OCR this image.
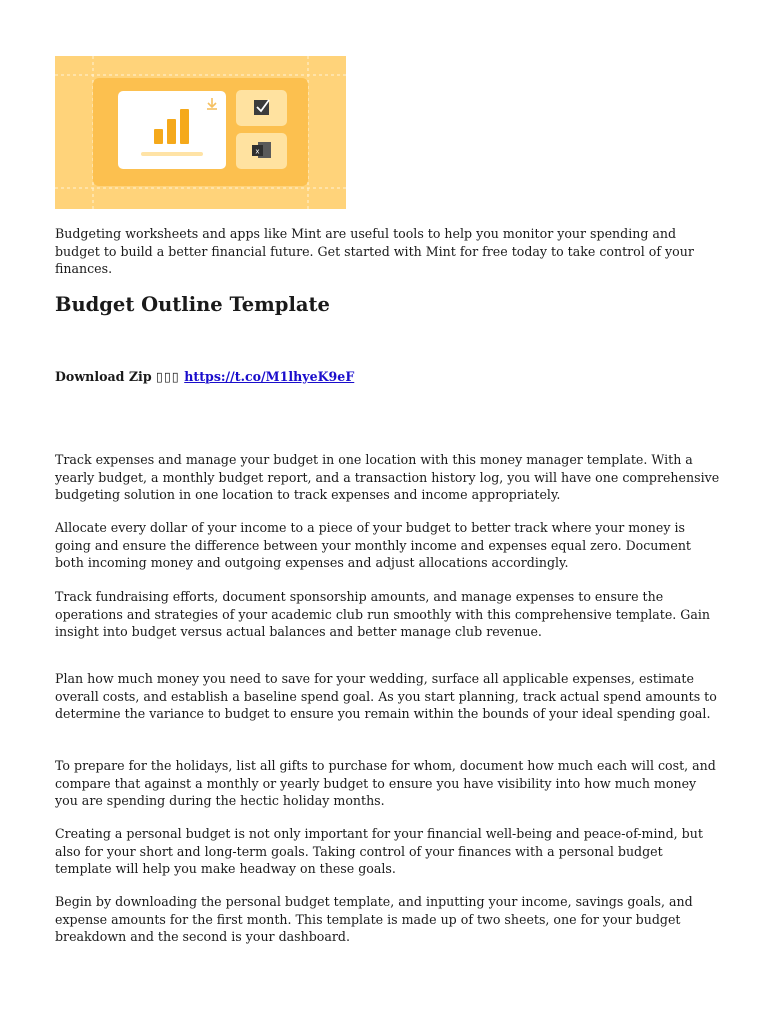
x

Budgeting worksheets and apps like Mint are useful tools to help you monitor your spending and budget to build a better financial future. Get started with Mint for free today to take control of your finances.

Budget Outline Template
Download Zip ▯▯▯ https://t.co/M1lhyeK9eF

Track expenses and manage your budget in one location with this money manager template. With a yearly budget, a monthly budget report, and a transaction history log, you will have one comprehensive budgeting solution in one location to track expenses and income appropriately.

Allocate every dollar of your income to a piece of your budget to better track where your money is going and ensure the difference between your monthly income and expenses equal zero. Document both incoming money and outgoing expenses and adjust allocations accordingly.

Track fundraising efforts, document sponsorship amounts, and manage expenses to ensure the operations and strategies of your academic club run smoothly with this comprehensive template. Gain insight into budget versus actual balances and better manage club revenue.

Plan how much money you need to save for your wedding, surface all applicable expenses, estimate overall costs, and establish a baseline spend goal. As you start planning, track actual spend amounts to determine the variance to budget to ensure you remain within the bounds of your ideal spending goal.

To prepare for the holidays, list all gifts to purchase for whom, document how much each will cost, and compare that against a monthly or yearly budget to ensure you have visibility into how much money you are spending during the hectic holiday months.

Creating a personal budget is not only important for your financial well-being and peace-of-mind, but also for your short and long-term goals. Taking control of your finances with a personal budget template will help you make headway on these goals.

Begin by downloading the personal budget template, and inputting your income, savings goals, and expense amounts for the first month. This template is made up of two sheets, one for your budget breakdown and the second is your dashboard.
